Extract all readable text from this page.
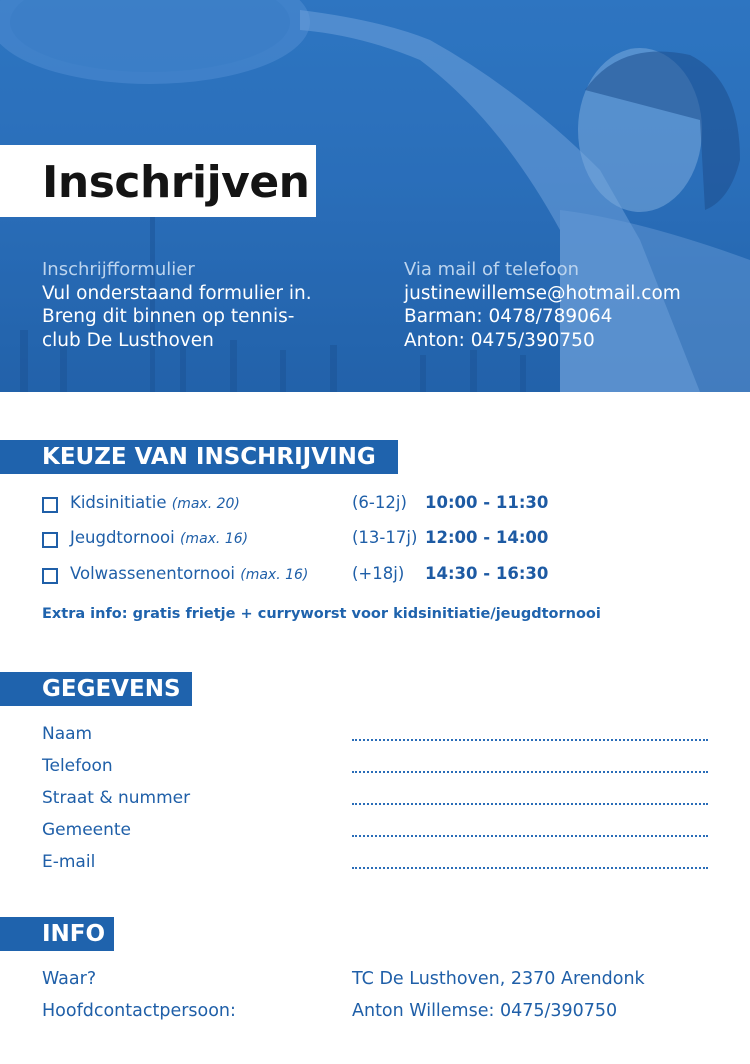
Inschrijven
Inschrijfformulier
Vul onderstaand formulier in.
Breng dit binnen op tennis-
club De Lusthoven
Via mail of telefoon
justinewillemse@hotmail.com
Barman: 0478/789064
Anton: 0475/390750
KEUZE VAN INSCHRIJVING
Kidsinitiatie (max. 20)	(6-12j) 10:00 - 11:30
Jeugdtornooi (max. 16)	(13-17j) 12:00 - 14:00
Volwassenentornooi (max. 16)	(+18j) 14:30 - 16:30
Extra info: gratis frietje + curryworst voor kidsinitiatie/jeugdtornooi
GEGEVENS
Naam
Telefoon
Straat & nummer
Gemeente
E-mail
INFO
Waar?	TC De Lusthoven, 2370 Arendonk
Hoofdcontactpersoon:	Anton Willemse: 0475/390750
